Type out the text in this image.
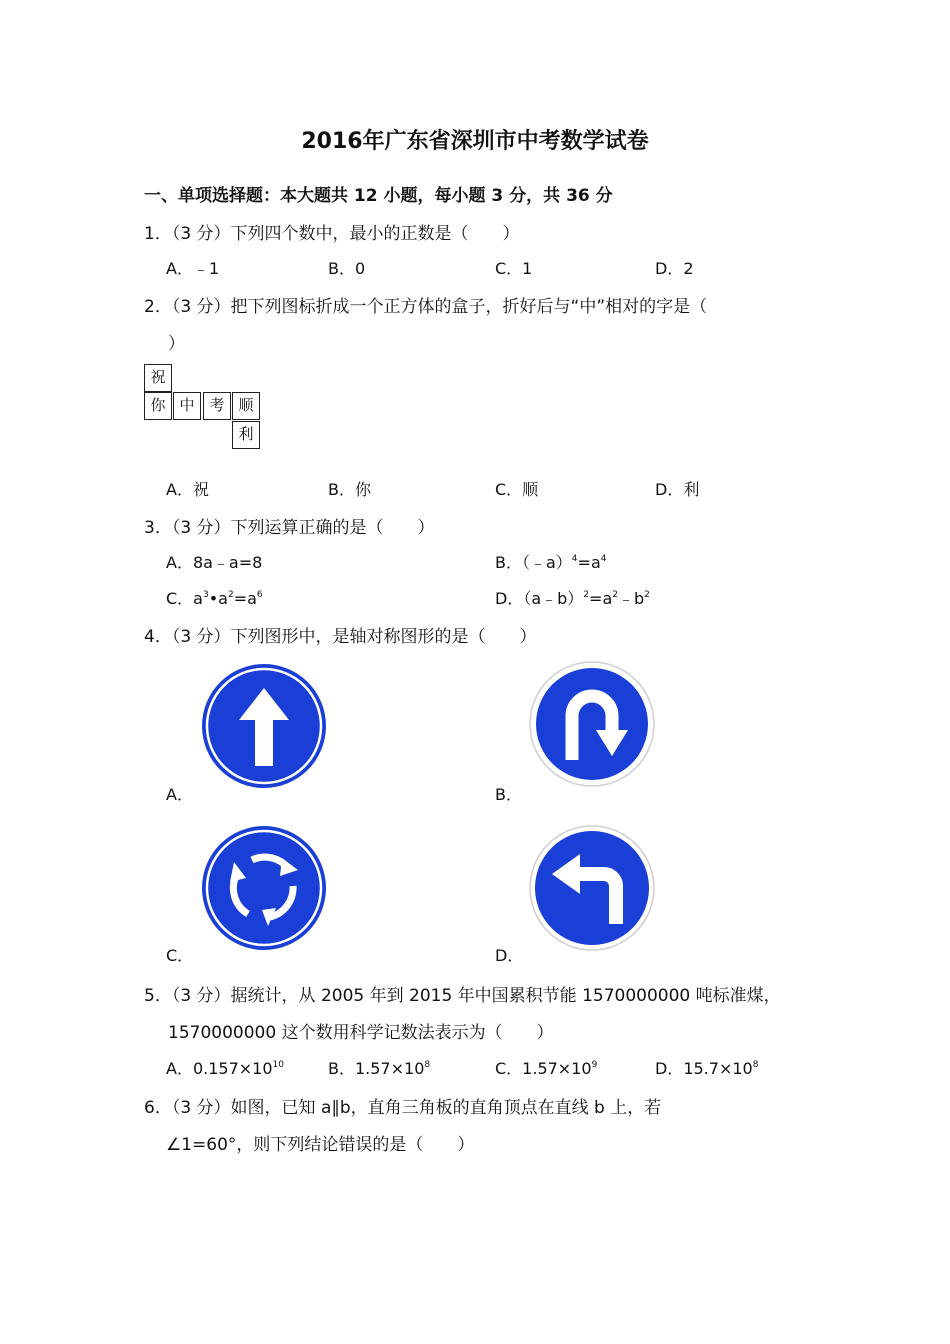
2016年广东省深圳市中考数学试卷
一、单项选择题：本大题共 12 小题，每小题 3 分，共 36 分
1．（3 分）下列四个数中，最小的正数是（　　）
A．﹣1	B．0	C．1	D．2
2．（3 分）把下列图标折成一个正方体的盒子，折好后与“中”相对的字是（
）
祝
你 中 考 顺
利
A．祝	B．你	C．顺	D．利
3．（3 分）下列运算正确的是（　　）
A．8a﹣a=8	B．$(﹣a)^4=a^4$
C．$a^3•a^2=a^6$	D．$(a﹣b)^2=a^2﹣b^2$
4．（3 分）下列图形中，是轴对称图形的是（　　）
A．	B．
C．	D．
5．（3 分）据统计，从 2005 年到 2015 年中国累积节能 1570000000 吨标准煤，
1570000000 这个数用科学记数法表示为（　　）
A．$0.157\times 10^{10}$	B．$1.57\times 10^8$	C．$1.57\times 10^9$	D．$15.7\times 10^8$
6．（3 分）如图，已知 a∥b，直角三角板的直角顶点在直线 b 上，若
∠1=60°，则下列结论错误的是（　　）
